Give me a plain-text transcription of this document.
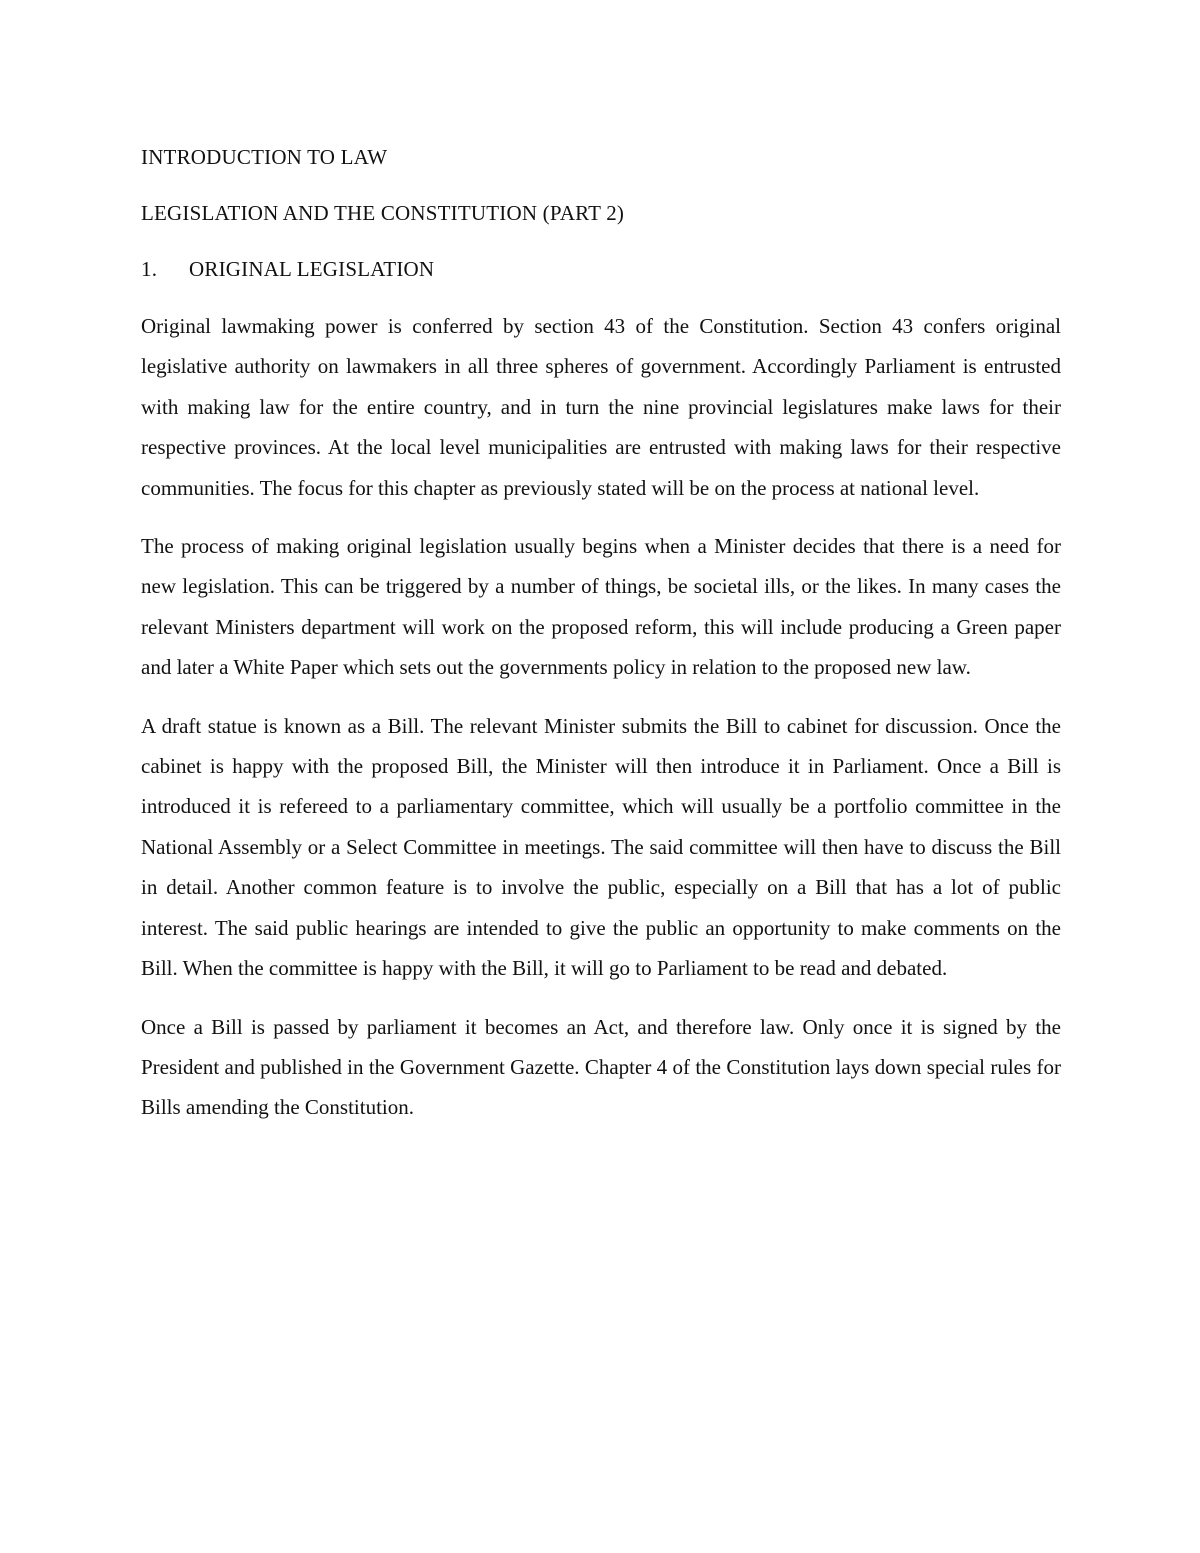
INTRODUCTION TO LAW

LEGISLATION AND THE CONSTITUTION (PART 2)

1.	ORIGINAL LEGISLATION

Original lawmaking power is conferred by section 43 of the Constitution. Section 43 confers original legislative authority on lawmakers in all three spheres of government. Accordingly Parliament is entrusted with making law for the entire country, and in turn the nine provincial legislatures make laws for their respective provinces. At the local level municipalities are entrusted with making laws for their respective communities. The focus for this chapter as previously stated will be on the process at national level.

The process of making original legislation usually begins when a Minister decides that there is a need for new legislation. This can be triggered by a number of things, be societal ills, or the likes. In many cases the relevant Ministers department will work on the proposed reform, this will include producing a Green paper and later a White Paper which sets out the governments policy in relation to the proposed new law.

A draft statue is known as a Bill. The relevant Minister submits the Bill to cabinet for discussion. Once the cabinet is happy with the proposed Bill, the Minister will then introduce it in Parliament. Once a Bill is introduced it is refereed to a parliamentary committee, which will usually be a portfolio committee in the National Assembly or a Select Committee in meetings. The said committee will then have to discuss the Bill in detail. Another common feature is to involve the public, especially on a Bill that has a lot of public interest. The said public hearings are intended to give the public an opportunity to make comments on the Bill. When the committee is happy with the Bill, it will go to Parliament to be read and debated.

Once a Bill is passed by parliament it becomes an Act, and therefore law. Only once it is signed by the President and published in the Government Gazette. Chapter 4 of the Constitution lays down special rules for Bills amending the Constitution.
